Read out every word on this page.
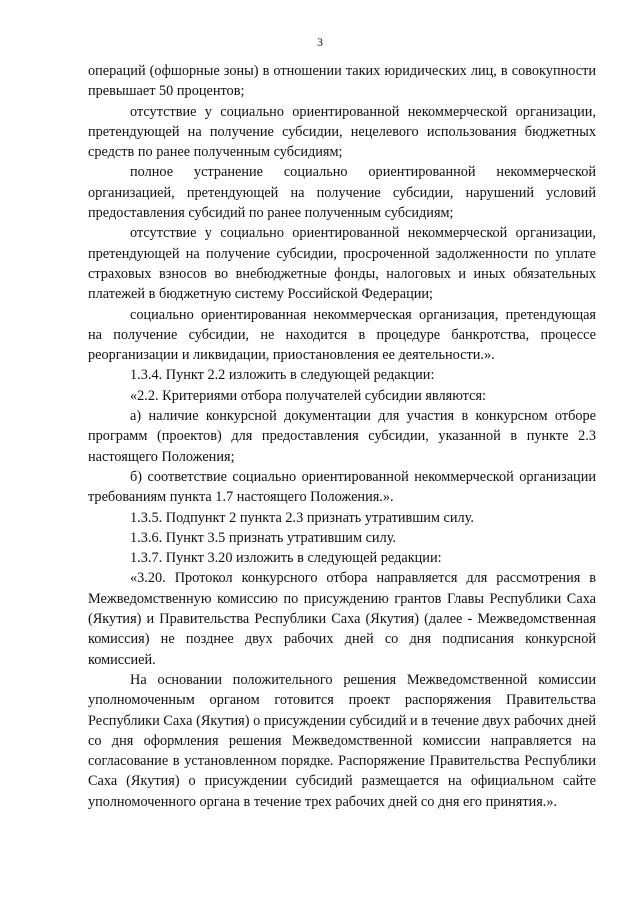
3

операций (офшорные зоны) в отношении таких юридических лиц, в совокупности превышает 50 процентов;

отсутствие у социально ориентированной некоммерческой организации, претендующей на получение субсидии, нецелевого использования бюджетных средств по ранее полученным субсидиям;

полное устранение социально ориентированной некоммерческой организацией, претендующей на получение субсидии, нарушений условий предоставления субсидий по ранее полученным субсидиям;

отсутствие у социально ориентированной некоммерческой организации, претендующей на получение субсидии, просроченной задолженности по уплате страховых взносов во внебюджетные фонды, налоговых и иных обязательных платежей в бюджетную систему Российской Федерации;

социально ориентированная некоммерческая организация, претендующая на получение субсидии, не находится в процедуре банкротства, процессе реорганизации и ликвидации, приостановления ее деятельности.».

1.3.4. Пункт 2.2 изложить в следующей редакции:

«2.2. Критериями отбора получателей субсидии являются:

а) наличие конкурсной документации для участия в конкурсном отборе программ (проектов) для предоставления субсидии, указанной в пункте 2.3 настоящего Положения;

б) соответствие социально ориентированной некоммерческой организации требованиям пункта 1.7 настоящего Положения.».

1.3.5. Подпункт 2 пункта 2.3 признать утратившим силу.

1.3.6. Пункт 3.5 признать утратившим силу.

1.3.7. Пункт 3.20 изложить в следующей редакции:

«3.20. Протокол конкурсного отбора направляется для рассмотрения в Межведомственную комиссию по присуждению грантов Главы Республики Саха (Якутия) и Правительства Республики Саха (Якутия) (далее - Межведомственная комиссия) не позднее двух рабочих дней со дня подписания конкурсной комиссией.

На основании положительного решения Межведомственной комиссии уполномоченным органом готовится проект распоряжения Правительства Республики Саха (Якутия) о присуждении субсидий и в течение двух рабочих дней со дня оформления решения Межведомственной комиссии направляется на согласование в установленном порядке. Распоряжение Правительства Республики Саха (Якутия) о присуждении субсидий размещается на официальном сайте уполномоченного органа в течение трех рабочих дней со дня его принятия.».
